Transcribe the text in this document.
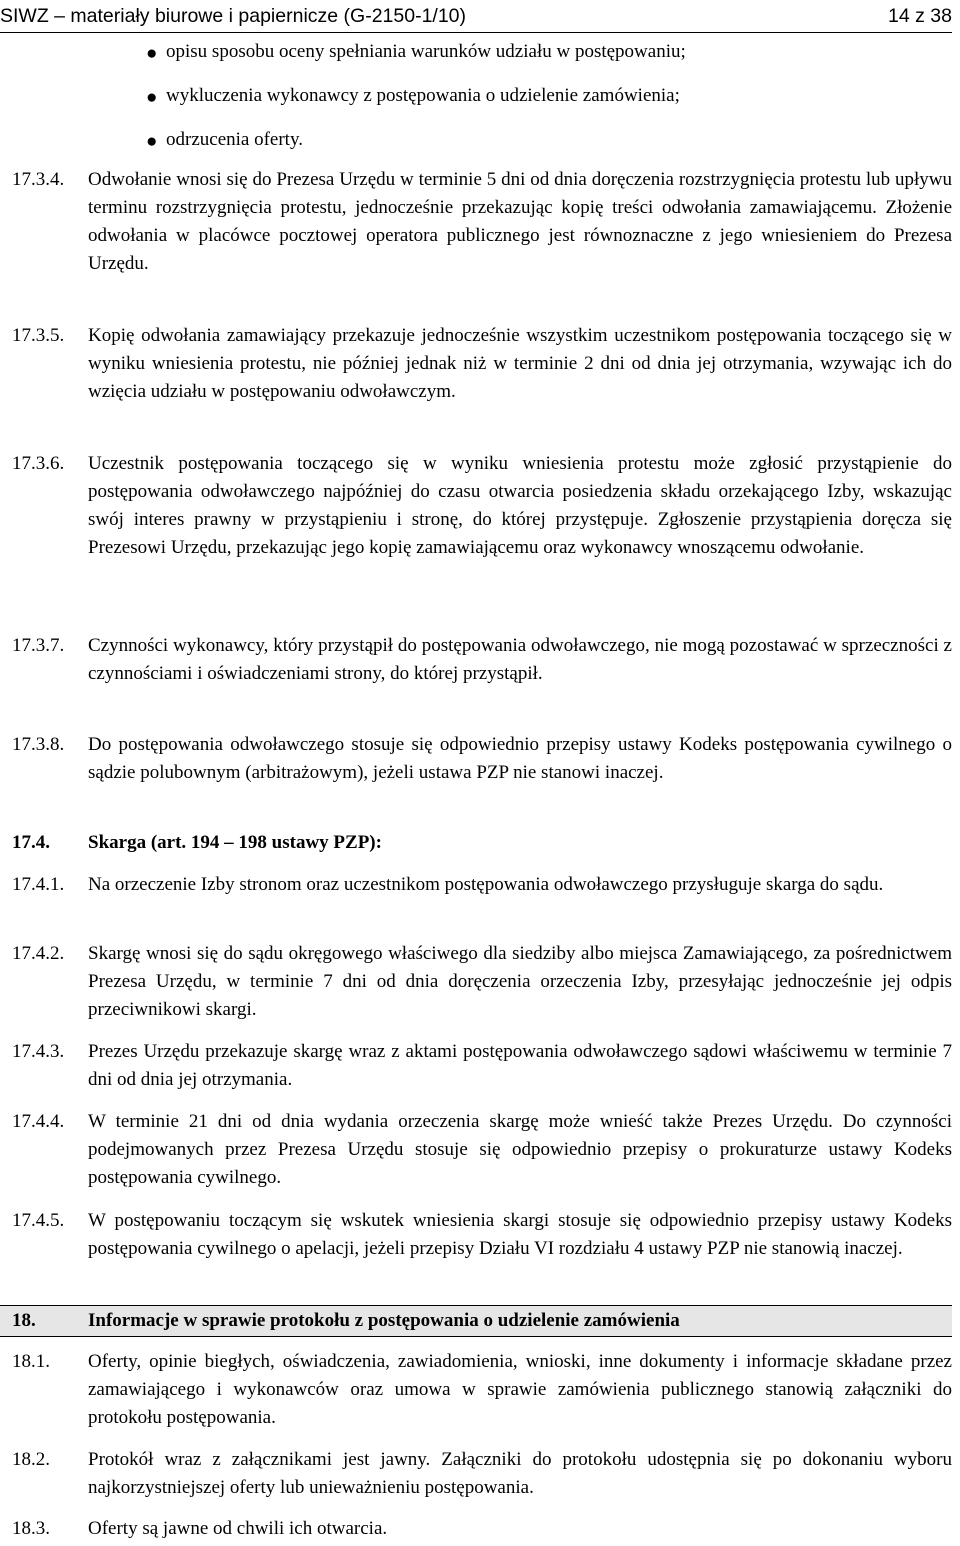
SIWZ – materiały biurowe i papiernicze (G-2150-1/10)	14 z 38
● opisu sposobu oceny spełniania warunków udziału w postępowaniu;
● wykluczenia wykonawcy z postępowania o udzielenie zamówienia;
● odrzucenia oferty.
17.3.4. Odwołanie wnosi się do Prezesa Urzędu w terminie 5 dni od dnia doręczenia rozstrzygnięcia protestu lub upływu terminu rozstrzygnięcia protestu, jednocześnie przekazując kopię treści odwołania zamawiającemu. Złożenie odwołania w placówce pocztowej operatora publicznego jest równoznaczne z jego wniesieniem do Prezesa Urzędu.
17.3.5. Kopię odwołania zamawiający przekazuje jednocześnie wszystkim uczestnikom postępowania toczącego się w wyniku wniesienia protestu, nie później jednak niż w terminie 2 dni od dnia jej otrzymania, wzywając ich do wzięcia udziału w postępowaniu odwoławczym.
17.3.6. Uczestnik postępowania toczącego się w wyniku wniesienia protestu może zgłosić przystąpienie do postępowania odwoławczego najpóźniej do czasu otwarcia posiedzenia składu orzekającego Izby, wskazując swój interes prawny w przystąpieniu i stronę, do której przystępuje. Zgłoszenie przystąpienia doręcza się Prezesowi Urzędu, przekazując jego kopię zamawiającemu oraz wykonawcy wnoszącemu odwołanie.
17.3.7. Czynności wykonawcy, który przystąpił do postępowania odwoławczego, nie mogą pozostawać w sprzeczności z czynnościami i oświadczeniami strony, do której przystąpił.
17.3.8. Do postępowania odwoławczego stosuje się odpowiednio przepisy ustawy Kodeks postępowania cywilnego o sądzie polubownym (arbitrażowym), jeżeli ustawa PZP nie stanowi inaczej.
17.4. Skarga (art. 194 – 198 ustawy PZP):
17.4.1. Na orzeczenie Izby stronom oraz uczestnikom postępowania odwoławczego przysługuje skarga do sądu.
17.4.2. Skargę wnosi się do sądu okręgowego właściwego dla siedziby albo miejsca Zamawiającego, za pośrednictwem Prezesa Urzędu, w terminie 7 dni od dnia doręczenia orzeczenia Izby, przesyłając jednocześnie jej odpis przeciwnikowi skargi.
17.4.3. Prezes Urzędu przekazuje skargę wraz z aktami postępowania odwoławczego sądowi właściwemu w terminie 7 dni od dnia jej otrzymania.
17.4.4. W terminie 21 dni od dnia wydania orzeczenia skargę może wnieść także Prezes Urzędu. Do czynności podejmowanych przez Prezesa Urzędu stosuje się odpowiednio przepisy o prokuraturze ustawy Kodeks postępowania cywilnego.
17.4.5. W postępowaniu toczącym się wskutek wniesienia skargi stosuje się odpowiednio przepisy ustawy Kodeks postępowania cywilnego o apelacji, jeżeli przepisy Działu VI rozdziału 4 ustawy PZP nie stanowią inaczej.
18.	Informacje w sprawie protokołu z postępowania o udzielenie zamówienia
18.1. Oferty, opinie biegłych, oświadczenia, zawiadomienia, wnioski, inne dokumenty i informacje składane przez zamawiającego i wykonawców oraz umowa w sprawie zamówienia publicznego stanowią załączniki do protokołu postępowania.
18.2. Protokół wraz z załącznikami jest jawny. Załączniki do protokołu udostępnia się po dokonaniu wyboru najkorzystniejszej oferty lub unieważnieniu postępowania.
18.3. Oferty są jawne od chwili ich otwarcia.
